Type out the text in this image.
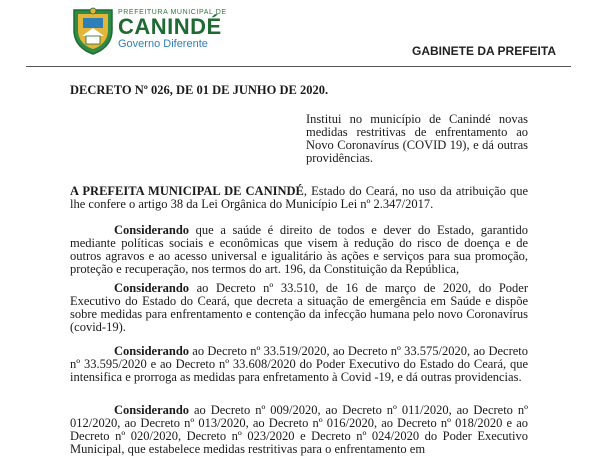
PREFEITURA MUNICIPAL DE
CANINDÉ
Governo Diferente	GABINETE DA PREFEITA
DECRETO Nº 026, DE 01 DE JUNHO DE 2020.
Institui no município de Canindé novas medidas restritivas de enfrentamento ao Novo Coronavírus (COVID 19), e dá outras providências.
A PREFEITA MUNICIPAL DE CANINDÉ, Estado do Ceará, no uso da atribuição que lhe confere o artigo 38 da Lei Orgânica do Município Lei nº 2.347/2017.
Considerando que a saúde é direito de todos e dever do Estado, garantido mediante políticas sociais e econômicas que visem à redução do risco de doença e de outros agravos e ao acesso universal e igualitário às ações e serviços para sua promoção, proteção e recuperação, nos termos do art. 196, da Constituição da República,
Considerando ao Decreto nº 33.510, de 16 de março de 2020, do Poder Executivo do Estado do Ceará, que decreta a situação de emergência em Saúde e dispõe sobre medidas para enfrentamento e contenção da infecção humana pelo novo Coronavírus (covid-19).
Considerando ao Decreto nº 33.519/2020, ao Decreto nº 33.575/2020, ao Decreto nº 33.595/2020 e ao Decreto nº 33.608/2020 do Poder Executivo do Estado do Ceará, que intensifica e prorroga as medidas para enfretamento à Covid -19, e dá outras providencias.
Considerando ao Decreto nº 009/2020, ao Decreto nº 011/2020, ao Decreto nº 012/2020, ao Decreto nº 013/2020, ao Decreto nº 016/2020, ao Decreto nº 018/2020 e ao Decreto nº 020/2020, Decreto nº 023/2020 e Decreto nº 024/2020 do Poder Executivo Municipal, que estabelece medidas restritivas para o enfrentamento em
